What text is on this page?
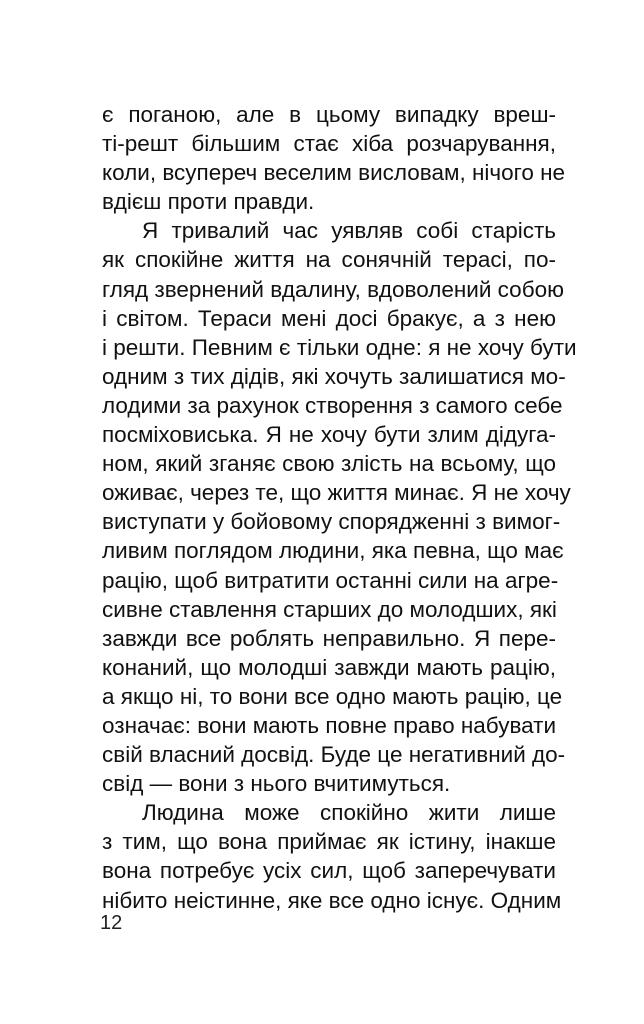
є поганою, але в цьому випадку вреш-
ті-решт більшим стає хіба розчарування,
коли, всупереч веселим висловам, нічого не
вдієш проти правди.
Я тривалий час уявляв собі старість
як спокійне життя на сонячній терасі, по-
гляд звернений вдалину, вдоволений собою
і світом. Тераси мені досі бракує, а з нею
і решти. Певним є тільки одне: я не хочу бути
одним з тих дідів, які хочуть залишатися мо-
лодими за рахунок створення з самого себе
посміховиська. Я не хочу бути злим дідуга-
ном, який зганяє свою злість на всьому, що
оживає, через те, що життя минає. Я не хочу
виступати у бойовому спорядженні з вимог-
ливим поглядом людини, яка певна, що має
рацію, щоб витратити останні сили на агре-
сивне ставлення старших до молодших, які
завжди все роблять неправильно. Я пере-
конаний, що молодші завжди мають рацію,
а якщо ні, то вони все одно мають рацію, це
означає: вони мають повне право набувати
свій власний досвід. Буде це негативний до-
свід — вони з нього вчитимуться.
Людина може спокійно жити лише
з тим, що вона приймає як істину, інакше
вона потребує усіх сил, щоб заперечувати
нібито неістинне, яке все одно існує. Одним
12
